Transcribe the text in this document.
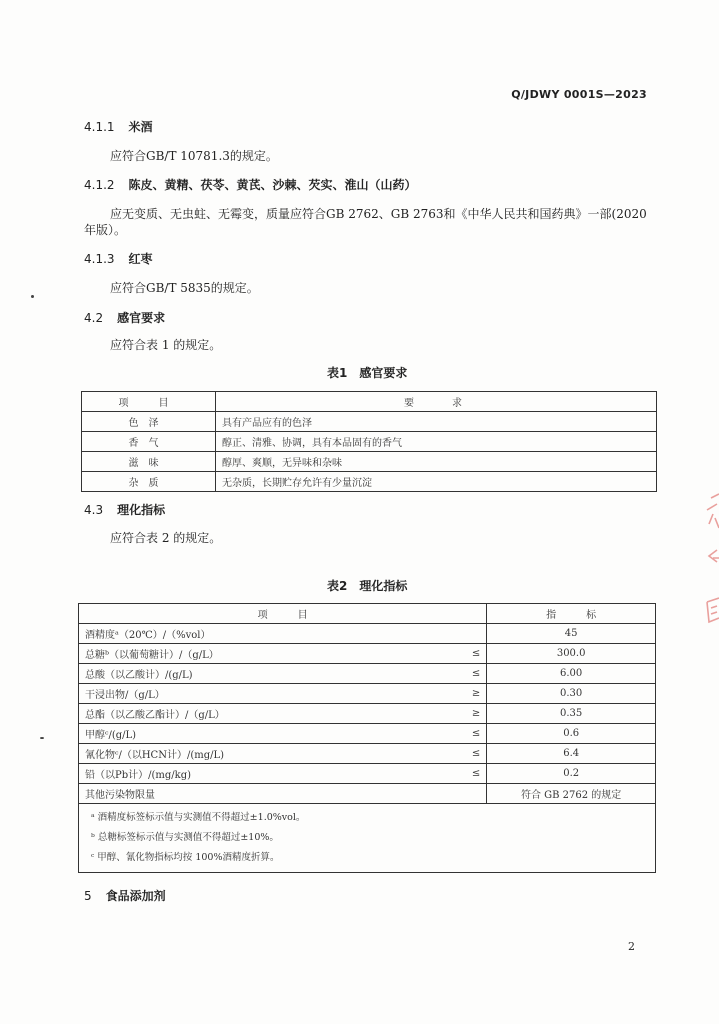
Q/JDWY 0001S—2023
4.1.1 米酒
应符合GB/T 10781.3的规定。
4.1.2 陈皮、黄精、茯苓、黄芪、沙棘、芡实、淮山（山药）
应无变质、无虫蛀、无霉变，质量应符合GB 2762、GB 2763和《中华人民共和国药典》一部(2020
年版）。
4.1.3 红枣
应符合GB/T 5835的规定。
4.2 感官要求
应符合表 1 的规定。
表1　感官要求
项　目	要　　求
色泽	具有产品应有的色泽
香气	醇正、清雅、协调，具有本品固有的香气
滋味	醇厚、爽顺，无异味和杂味
杂质	无杂质，长期贮存允许有少量沉淀
4.3 理化指标
应符合表 2 的规定。
表2　理化指标
项　　　目		指　　　标
酒精度ᵃ（20℃）/（%vol）		45
总糖ᵇ（以葡萄糖计）/（g/L）	≤	300.0
总酸（以乙酸计）/(g/L)	≤	6.00
干浸出物/（g/L）	≥	0.30
总酯（以乙酸乙酯计）/（g/L）	≥	0.35
甲醇ᶜ/(g/L)	≤	0.6
氰化物ᶜ/（以HCN计）/(mg/L)	≤	6.4
铅（以Pb计）/(mg/kg)	≤	0.2
其他污染物限量		符合 GB 2762 的规定

ᵃ 酒精度标签标示值与实测值不得超过±1.0%vol。
ᵇ 总糖标签标示值与实测值不得超过±10%。
ᶜ 甲醇、氰化物指标均按 100%酒精度折算。		
5 食品添加剂
2
